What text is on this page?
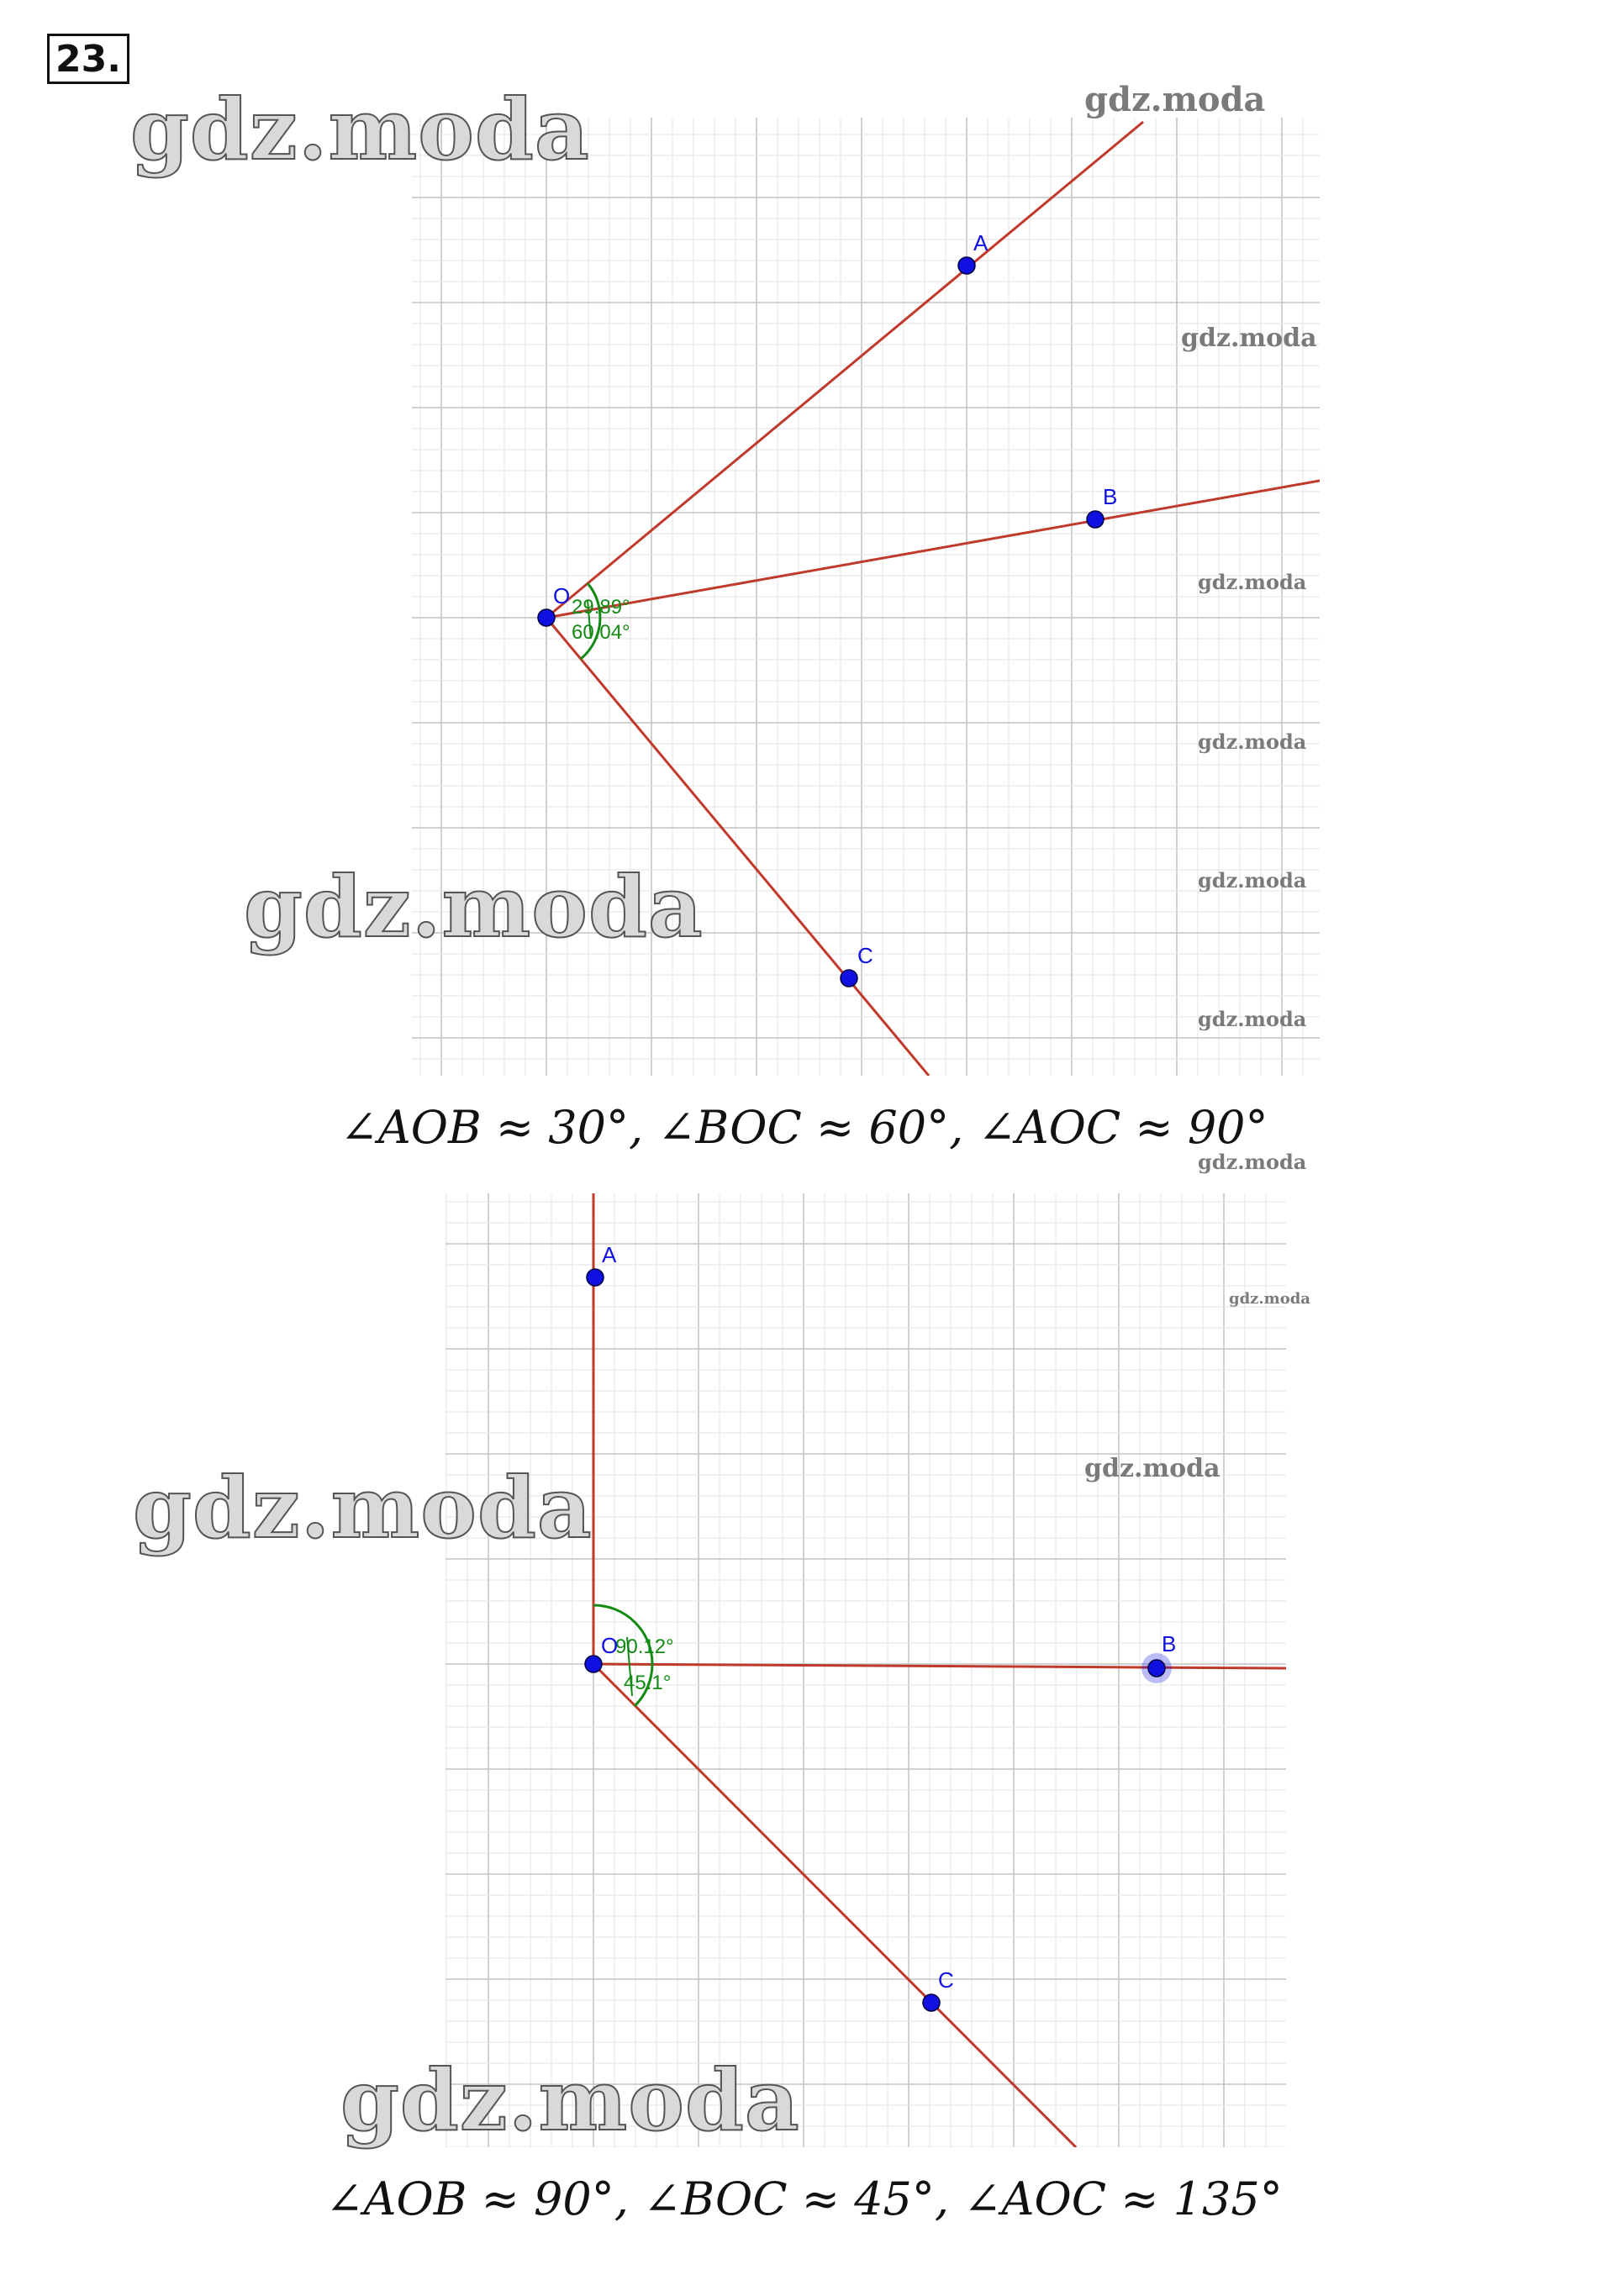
23.
29.89°
60.04°
O
A
B
C
∠AOB ≈ 30°, ∠BOC ≈ 60°, ∠AOC ≈ 90°
90.12°
45.1°
O
A
B
C
∠AOB ≈ 90°, ∠BOC ≈ 45°, ∠AOC ≈ 135°
gdz.moda
gdz.moda
gdz.moda
gdz.moda
gdz.moda
gdz.moda
gdz.moda
gdz.moda
gdz.moda
gdz.moda
gdz.moda
gdz.moda
gdz.moda
